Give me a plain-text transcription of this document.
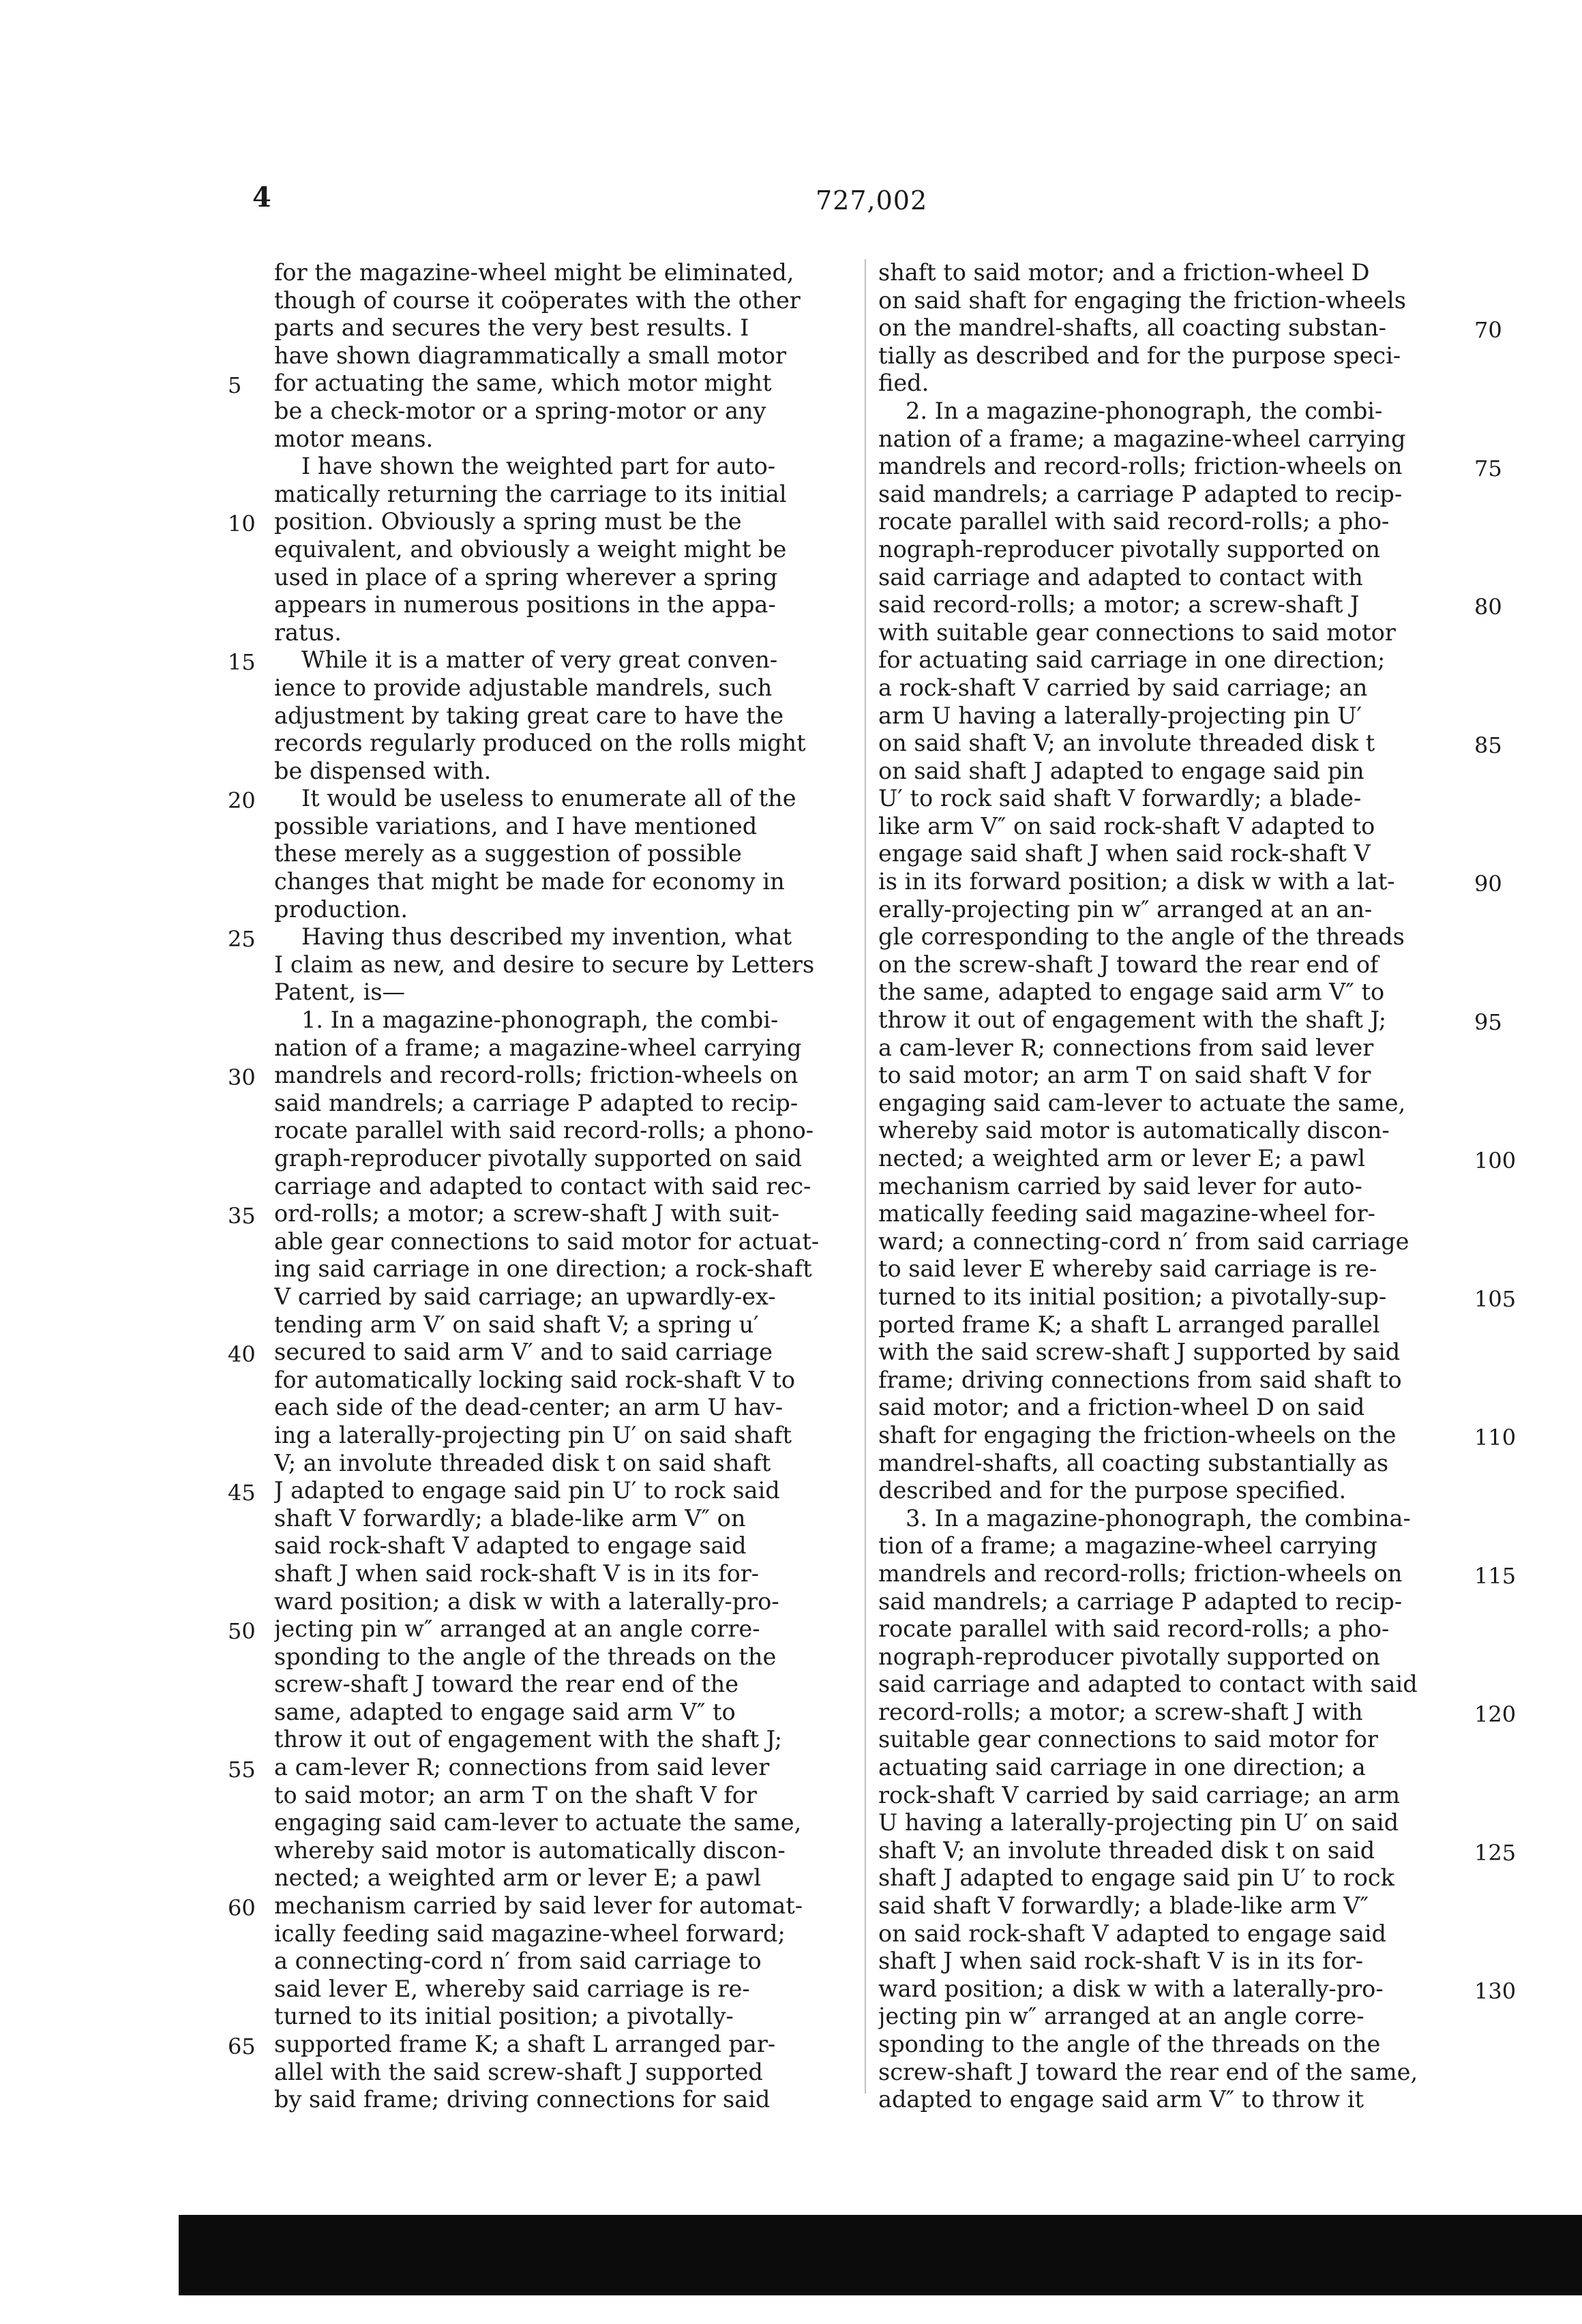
4	727,002
for the magazine-wheel might be eliminated,
though of course it coöperates with the other
parts and secures the very best results. I
have shown diagrammatically a small motor
for actuating the same, which motor might
be a check-motor or a spring-motor or any
motor means.
I have shown the weighted part for auto-
matically returning the carriage to its initial
position. Obviously a spring must be the
equivalent, and obviously a weight might be
used in place of a spring wherever a spring
appears in numerous positions in the appa-
ratus.
While it is a matter of very great conven-
ience to provide adjustable mandrels, such
adjustment by taking great care to have the
records regularly produced on the rolls might
be dispensed with.
It would be useless to enumerate all of the
possible variations, and I have mentioned
these merely as a suggestion of possible
changes that might be made for economy in
production.
Having thus described my invention, what
I claim as new, and desire to secure by Letters
Patent, is—
1. In a magazine-phonograph, the combi-
nation of a frame; a magazine-wheel carrying
mandrels and record-rolls; friction-wheels on
said mandrels; a carriage P adapted to recip-
rocate parallel with said record-rolls; a phono-
graph-reproducer pivotally supported on said
carriage and adapted to contact with said rec-
ord-rolls; a motor; a screw-shaft J with suit-
able gear connections to said motor for actuat-
ing said carriage in one direction; a rock-shaft
V carried by said carriage; an upwardly-ex-
tending arm V′ on said shaft V; a spring u′
secured to said arm V′ and to said carriage
for automatically locking said rock-shaft V to
each side of the dead-center; an arm U hav-
ing a laterally-projecting pin U′ on said shaft
V; an involute threaded disk t on said shaft
J adapted to engage said pin U′ to rock said
shaft V forwardly; a blade-like arm V″ on
said rock-shaft V adapted to engage said
shaft J when said rock-shaft V is in its for-
ward position; a disk w with a laterally-pro-
jecting pin w″ arranged at an angle corre-
sponding to the angle of the threads on the
screw-shaft J toward the rear end of the
same, adapted to engage said arm V″ to
throw it out of engagement with the shaft J;
a cam-lever R; connections from said lever
to said motor; an arm T on the shaft V for
engaging said cam-lever to actuate the same,
whereby said motor is automatically discon-
nected; a weighted arm or lever E; a pawl
mechanism carried by said lever for automat-
ically feeding said magazine-wheel forward;
a connecting-cord n′ from said carriage to
said lever E, whereby said carriage is re-
turned to its initial position; a pivotally-
supported frame K; a shaft L arranged par-
allel with the said screw-shaft J supported
by said frame; driving connections for said
shaft to said motor; and a friction-wheel D
on said shaft for engaging the friction-wheels
on the mandrel-shafts, all coacting substan-
tially as described and for the purpose speci-
fied.
2. In a magazine-phonograph, the combi-
nation of a frame; a magazine-wheel carrying
mandrels and record-rolls; friction-wheels on
said mandrels; a carriage P adapted to recip-
rocate parallel with said record-rolls; a pho-
nograph-reproducer pivotally supported on
said carriage and adapted to contact with
said record-rolls; a motor; a screw-shaft J
with suitable gear connections to said motor
for actuating said carriage in one direction;
a rock-shaft V carried by said carriage; an
arm U having a laterally-projecting pin U′
on said shaft V; an involute threaded disk t
on said shaft J adapted to engage said pin
U′ to rock said shaft V forwardly; a blade-
like arm V″ on said rock-shaft V adapted to
engage said shaft J when said rock-shaft V
is in its forward position; a disk w with a lat-
erally-projecting pin w″ arranged at an an-
gle corresponding to the angle of the threads
on the screw-shaft J toward the rear end of
the same, adapted to engage said arm V″ to
throw it out of engagement with the shaft J;
a cam-lever R; connections from said lever
to said motor; an arm T on said shaft V for
engaging said cam-lever to actuate the same,
whereby said motor is automatically discon-
nected; a weighted arm or lever E; a pawl
mechanism carried by said lever for auto-
matically feeding said magazine-wheel for-
ward; a connecting-cord n′ from said carriage
to said lever E whereby said carriage is re-
turned to its initial position; a pivotally-sup-
ported frame K; a shaft L arranged parallel
with the said screw-shaft J supported by said
frame; driving connections from said shaft to
said motor; and a friction-wheel D on said
shaft for engaging the friction-wheels on the
mandrel-shafts, all coacting substantially as
described and for the purpose specified.
3. In a magazine-phonograph, the combina-
tion of a frame; a magazine-wheel carrying
mandrels and record-rolls; friction-wheels on
said mandrels; a carriage P adapted to recip-
rocate parallel with said record-rolls; a pho-
nograph-reproducer pivotally supported on
said carriage and adapted to contact with said
record-rolls; a motor; a screw-shaft J with
suitable gear connections to said motor for
actuating said carriage in one direction; a
rock-shaft V carried by said carriage; an arm
U having a laterally-projecting pin U′ on said
shaft V; an involute threaded disk t on said
shaft J adapted to engage said pin U′ to rock
said shaft V forwardly; a blade-like arm V″
on said rock-shaft V adapted to engage said
shaft J when said rock-shaft V is in its for-
ward position; a disk w with a laterally-pro-
jecting pin w″ arranged at an angle corre-
sponding to the angle of the threads on the
screw-shaft J toward the rear end of the same,
adapted to engage said arm V″ to throw it
5
10
15
20
25
30
35
40
45
50
55
60
65
70
75
80
85
90
95
100
105
110
115
120
125
130
